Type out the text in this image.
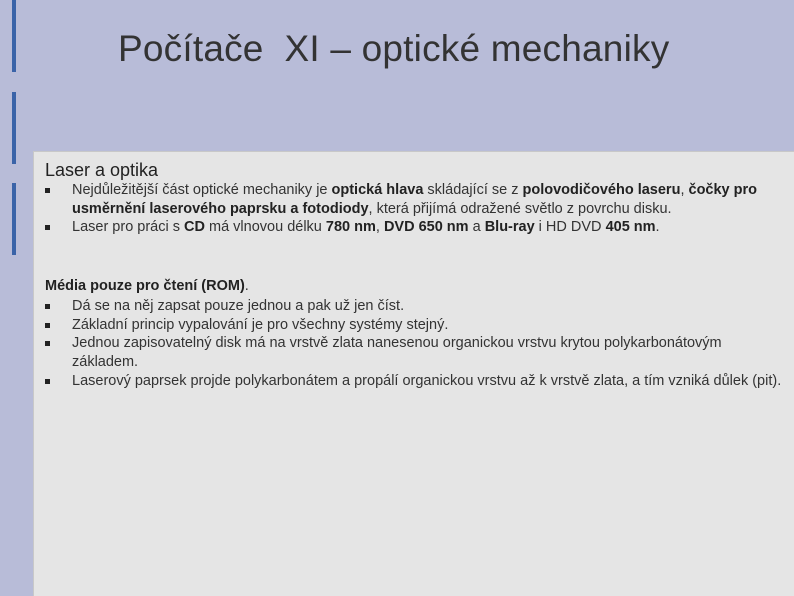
Počítače  XI – optické mechaniky
Laser a optika
Nejdůležitější část optické mechaniky je optická hlava skládající se z polovodičového laseru, čočky pro usměrnění laserového paprsku a fotodiody, která přijímá odražené světlo z povrchu disku.
Laser pro práci s CD má vlnovou délku 780 nm, DVD 650 nm a Blu-ray i HD DVD 405 nm.
Média pouze pro čtení (ROM).
Dá se na něj zapsat pouze jednou a pak už jen číst.
Základní princip vypalování je pro všechny systémy stejný.
Jednou zapisovatelný disk má na vrstvě zlata nanesenou organickou vrstvu krytou polykarbonátovým základem.
Laserový paprsek projde polykarbonátem a propálí organickou vrstvu až k vrstvě zlata, a tím vzniká důlek (pit).
